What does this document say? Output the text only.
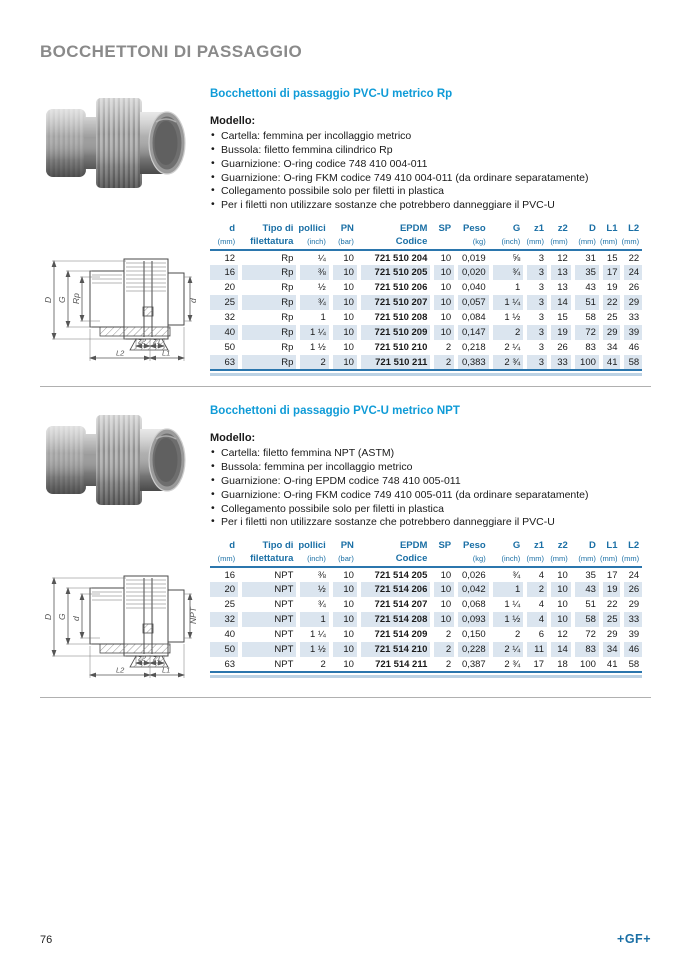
BOCCHETTONI DI PASSAGGIO

D G Rp	d
z2 z1
L2	L1
Bocchettoni di passaggio PVC-U metrico Rp

Modello:

• Cartella: femmina per incollaggio metrico
• Bussola: filetto femmina cilindrico Rp
• Guarnizione: O-ring codice 748 410 004-011
• Guarnizione: O-ring FKM codice 749 410 004-011 (da ordinare separatamente)
• Collegamento possibile solo per filetti in plastica
• Per i filetti non utilizzare sostanze che potrebbero danneggiare il PVC-U
d	Tipo di	pollici	PN	EPDM	SP	Peso	G	z1	z2	D	L1	L2
(mm)	filettatura	(inch)	(bar)	Codice		(kg)	(inch)	(mm)	(mm)	(mm)	(mm)	(mm)
12	Rp	¼	10	721 510 204	10	0,019	⅝	3	12	31	15	22
16	Rp	⅜	10	721 510 205	10	0,020	¾	3	13	35	17	24
20	Rp	½	10	721 510 206	10	0,040	1	3	13	43	19	26
25	Rp	¾	10	721 510 207	10	0,057	1 ¼	3	14	51	22	29
32	Rp	1	10	721 510 208	10	0,084	1 ½	3	15	58	25	33
40	Rp	1 ¼	10	721 510 209	10	0,147	2	3	19	72	29	39
50	Rp	1 ½	10	721 510 210	2	0,218	2 ¼	3	26	83	34	46
63	Rp	2	10	721 510 211	2	0,383	2 ¾	3	33	100	41	58

D G d	NPT
z2 z1
L2	L1
Bocchettoni di passaggio PVC-U metrico NPT

Modello:

• Cartella: filetto femmina NPT (ASTM)
• Bussola: femmina per incollaggio metrico
• Guarnizione: O-ring EPDM codice 748 410 005-011
• Guarnizione: O-ring FKM codice 749 410 005-011 (da ordinare separatamente)
• Collegamento possibile solo per filetti in plastica
• Per i filetti non utilizzare sostanze che potrebbero danneggiare il PVC-U
d	Tipo di	pollici	PN	EPDM	SP	Peso	G	z1	z2	D	L1	L2
(mm)	filettatura	(inch)	(bar)	Codice		(kg)	(inch)	(mm)	(mm)	(mm)	(mm)	(mm)
16	NPT	⅜	10	721 514 205	10	0,026	¾	4	10	35	17	24
20	NPT	½	10	721 514 206	10	0,042	1	2	10	43	19	26
25	NPT	¾	10	721 514 207	10	0,068	1 ¼	4	10	51	22	29
32	NPT	1	10	721 514 208	10	0,093	1 ½	4	10	58	25	33
40	NPT	1 ¼	10	721 514 209	2	0,150	2	6	12	72	29	39
50	NPT	1 ½	10	721 514 210	2	0,228	2 ¼	11	14	83	34	46
63	NPT	2	10	721 514 211	2	0,387	2 ¾	17	18	100	41	58
76	+GF+
